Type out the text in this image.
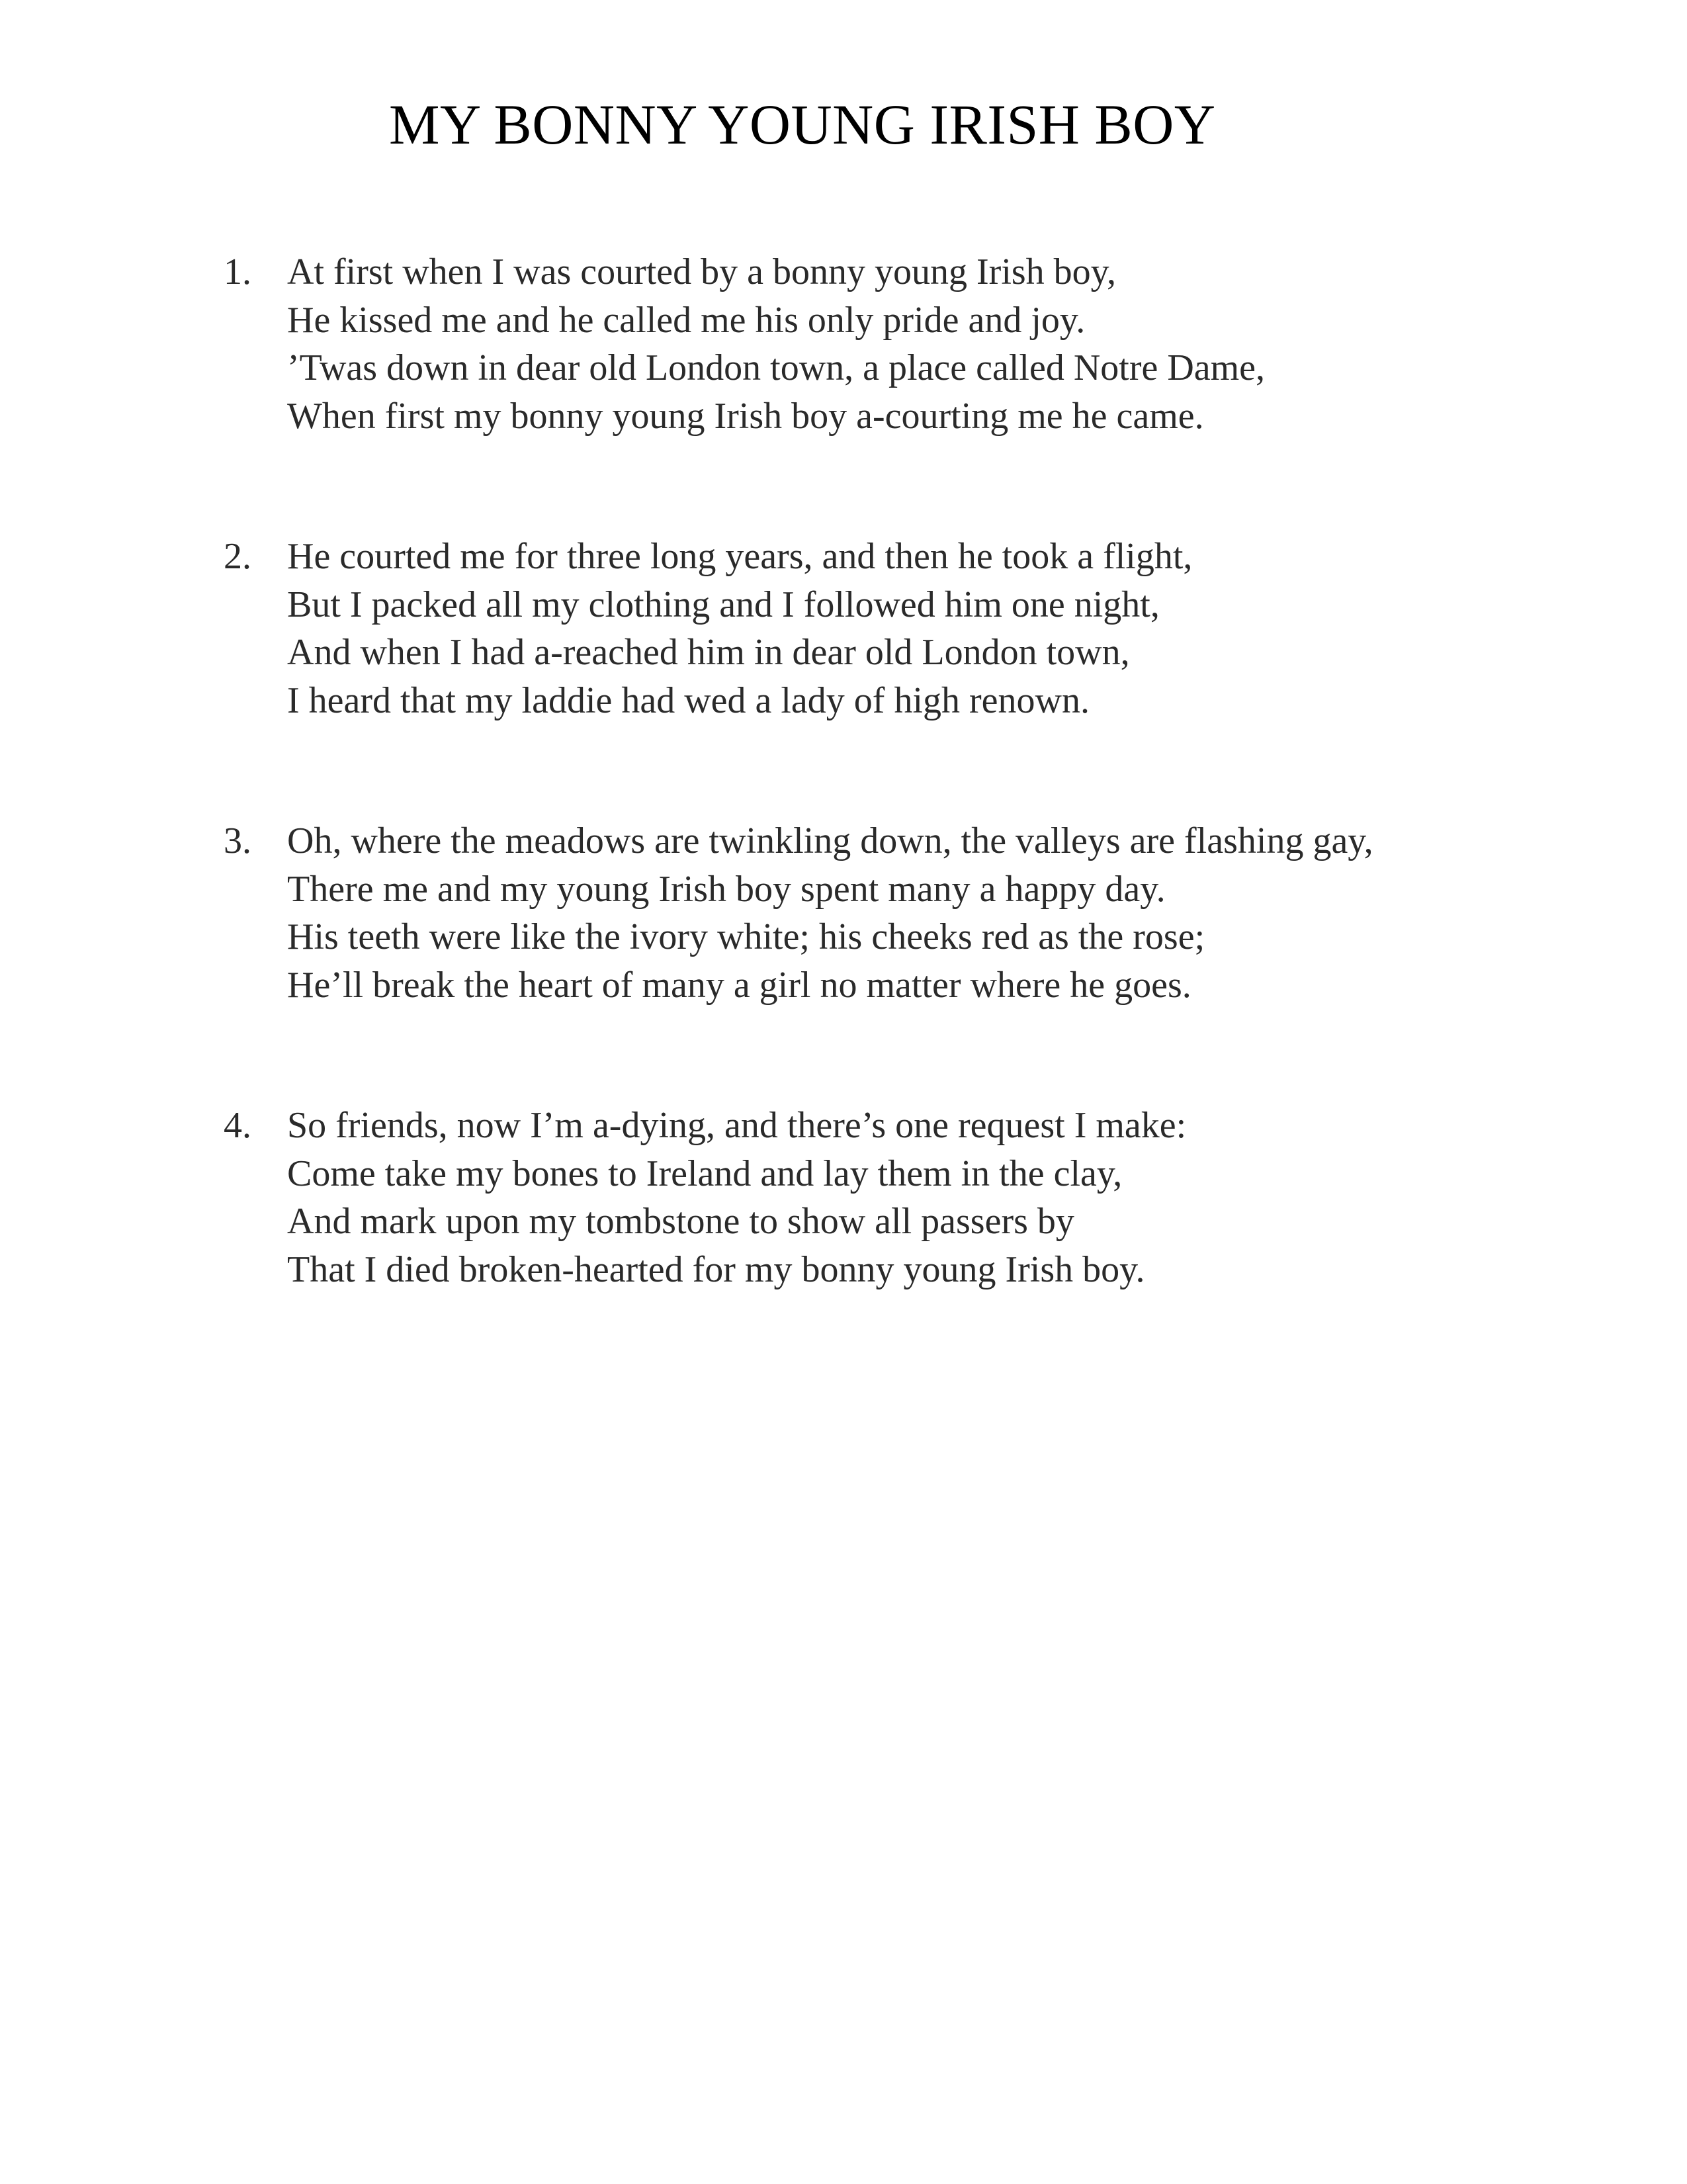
MY BONNY YOUNG IRISH BOY
1. At first when I was courted by a bonny young Irish boy,
He kissed me and he called me his only pride and joy.
’Twas down in dear old London town, a place called Notre Dame,
When first my bonny young Irish boy a-courting me he came.
2. He courted me for three long years, and then he took a flight,
But I packed all my clothing and I followed him one night,
And when I had a-reached him in dear old London town,
I heard that my laddie had wed a lady of high renown.
3. Oh, where the meadows are twinkling down, the valleys are flashing gay,
There me and my young Irish boy spent many a happy day.
His teeth were like the ivory white; his cheeks red as the rose;
He’ll break the heart of many a girl no matter where he goes.
4. So friends, now I’m a-dying, and there’s one request I make:
Come take my bones to Ireland and lay them in the clay,
And mark upon my tombstone to show all passers by
That I died broken-hearted for my bonny young Irish boy.
